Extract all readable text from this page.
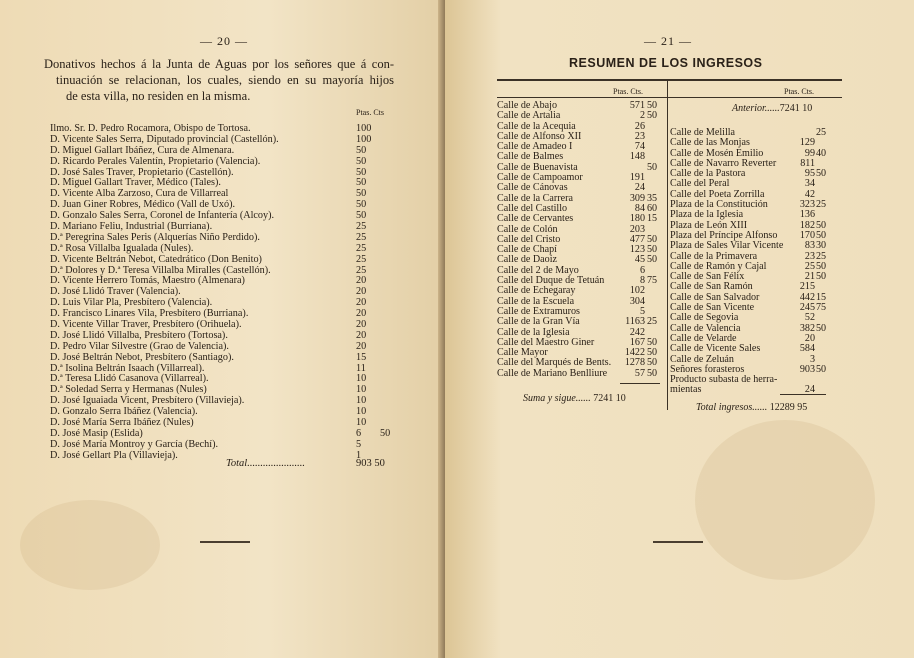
— 20 —

Donativos hechos á la Junta de Aguas por los señores que á con-

tinuación se relacionan, los cuales, siendo en su mayoría hijos

de esta villa, no residen en la misma.

Ptas. Cts
Ilmo. Sr. D. Pedro Rocamora, Obispo de Tortosa.	100
D. Vicente Sales Serra, Diputado provincial (Castellón).	100
D. Miguel Gallart Ibáñez, Cura de Almenara.	50
D. Ricardo Perales Valentín, Propietario (Valencia).	50
D. José Sales Traver, Propietario (Castellón).	50
D. Miguel Gallart Traver, Médico (Tales).	50
D. Vicente Alba Zarzoso, Cura de Villarreal	50
D. Juan Giner Robres, Médico (Vall de Uxó).	50
D. Gonzalo Sales Serra, Coronel de Infantería (Alcoy).	50
D. Mariano Feliu, Industrial (Burriana).	25
D.ª Peregrina Sales Peris (Alquerías Niño Perdido).	25
D.ª Rosa Villalba Igualada (Nules).	25
D. Vicente Beltrán Nebot, Catedrático (Don Benito)	25
D.ª Dolores y D.ª Teresa Villalba Miralles (Castellón).	25
D. Vicente Herrero Tomás, Maestro (Almenara)	20
D. José Llidó Traver (Valencia).	20
D. Luis Vilar Pla, Presbítero (Valencia).	20
D. Francisco Linares Vila, Presbítero (Burriana).	20
D. Vicente Villar Traver, Presbítero (Orihuela).	20
D. José Llidó Villalba, Presbítero (Tortosa).	20
D. Pedro Vilar Silvestre (Grao de Valencia).	20
D. José Beltrán Nebot, Presbítero (Santiago).	15
D.ª Isolina Beltrán Isaach (Villarreal).	11
D.ª Teresa Llidó Casanova (Villarreal).	10
D.ª Soledad Serra y Hermanas (Nules)	10
D. José Iguaiada Vicent, Presbítero (Villavieja).	10
D. Gonzalo Serra Ibáñez (Valencia).	10
D. José María Serra Ibáñez (Nules)	10
D. José Masip (Eslida)	6 50
D. José María Montroy y García (Bechí).	5
D. José Gellart Pla (Villavieja).	1
Total......................	903 50
— 21 —
RESUMEN DE LOS INGRESOS
Ptas. Cts.	Ptas. Cts.
Calle de Abajo	571 50
Calle de Artalia	2 50
Calle de la Acequia	26
Calle de Alfonso XII	23
Calle de Amadeo I	74
Calle de Balmes	148
Calle de Buenavista	50
Calle de Campoamor	191
Calle de Cánovas	24
Calle de la Carrera	309 35
Calle del Castillo	84 60
Calle de Cervantes	180 15
Calle de Colón	203
Calle del Cristo	477 50
Calle de Chapí	123 50
Calle de Daoiz	45 50
Calle del 2 de Mayo	6
Calle del Duque de Tetuán	8 75
Calle de Echegaray	102
Calle de la Escuela	304
Calle de Extramuros	5
Calle de la Gran Vía	1163 25
Calle de la Iglesia	242
Calle del Maestro Giner	167 50
Calle Mayor	1422 50
Calle del Marqués de Bents.	1278 50
Calle de Mariano Benlliure	57 50
Suma y sigue...... 7241 10
Anterior......7241 10
Calle de Melilla	25
Calle de las Monjas	129
Calle de Mosén Emilio	99 40
Calle de Navarro Reverter	811
Calle de la Pastora	95 50
Calle del Peral	34
Calle del Poeta Zorrilla	42
Plaza de la Constitución	323 25
Plaza de la Iglesia	136
Plaza de León XIII	182 50
Plaza del Príncipe Alfonso	170 50
Plaza de Sales Vilar Vicente	83 30
Calle de la Primavera	23 25
Calle de Ramón y Cajal	25 50
Calle de San Félix	21 50
Calle de San Ramón	215
Calle de San Salvador	442 15
Calle de San Vicente	245 75
Calle de Segovia	52
Calle de Valencia	382 50
Calle de Velarde	20
Calle de Vicente Sales	584
Calle de Zeluán	3
Señores forasteros	903 50
Producto subasta de herra-
mientas	24
Total ingresos...... 12289 95
